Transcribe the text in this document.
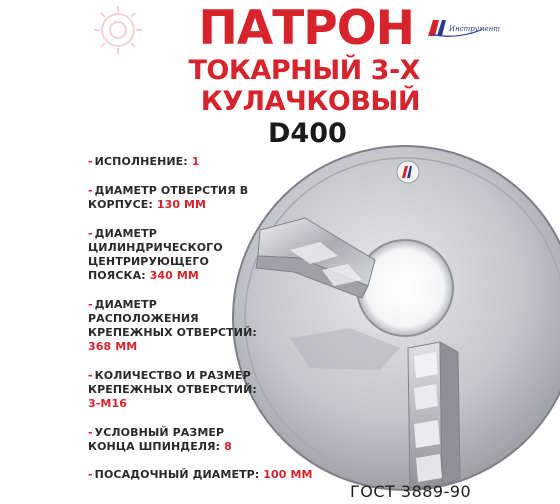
ПАТРОН
ТОКАРНЫЙ 3-Х
КУЛАЧКОВЫЙ
D400
Инструмент
- ИСПОЛНЕНИЕ: 1
- ДИАМЕТР ОТВЕРСТИЯ В КОРПУСЕ: 130 ММ
- ДИАМЕТР ЦИЛИНДРИЧЕСКОГО ЦЕНТРИРУЮЩЕГО ПОЯСКА: 340 ММ
- ДИАМЕТР РАСПОЛОЖЕНИЯ КРЕПЕЖНЫХ ОТВЕРСТИЙ: 368 ММ
- КОЛИЧЕСТВО И РАЗМЕР КРЕПЕЖНЫХ ОТВЕРСТИЙ: 3-М16
- УСЛОВНЫЙ РАЗМЕР КОНЦА ШПИНДЕЛЯ: 8
- ПОСАДОЧНЫЙ ДИАМЕТР: 100 ММ
ГОСТ 3889-90
